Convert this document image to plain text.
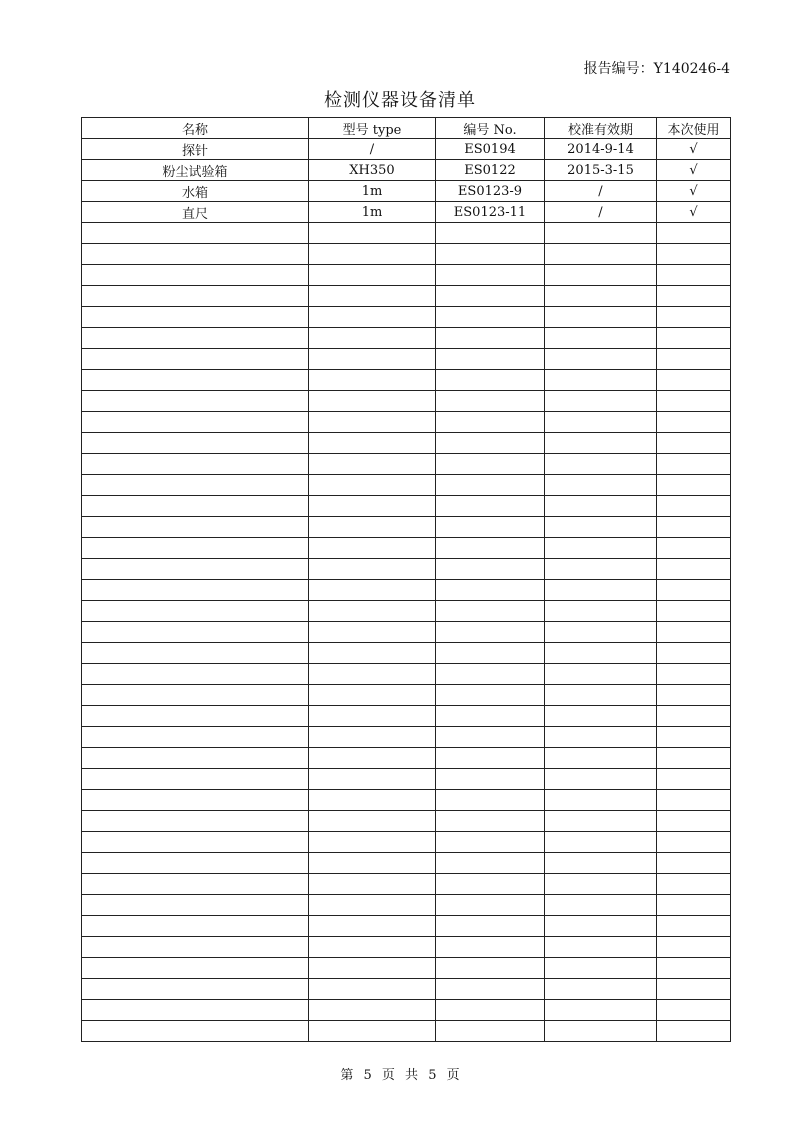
报告编号：Y140246-4
检测仪器设备清单
名称	型号 type	编号 No.	校准有效期	本次使用
探针	/	ES0194	2014-9-14	√
粉尘试验箱	XH350	ES0122	2015-3-15	√
水箱	1m	ES0123-9	/	√
直尺	1m	ES0123-11	/	√

第 5 页 共 5 页
